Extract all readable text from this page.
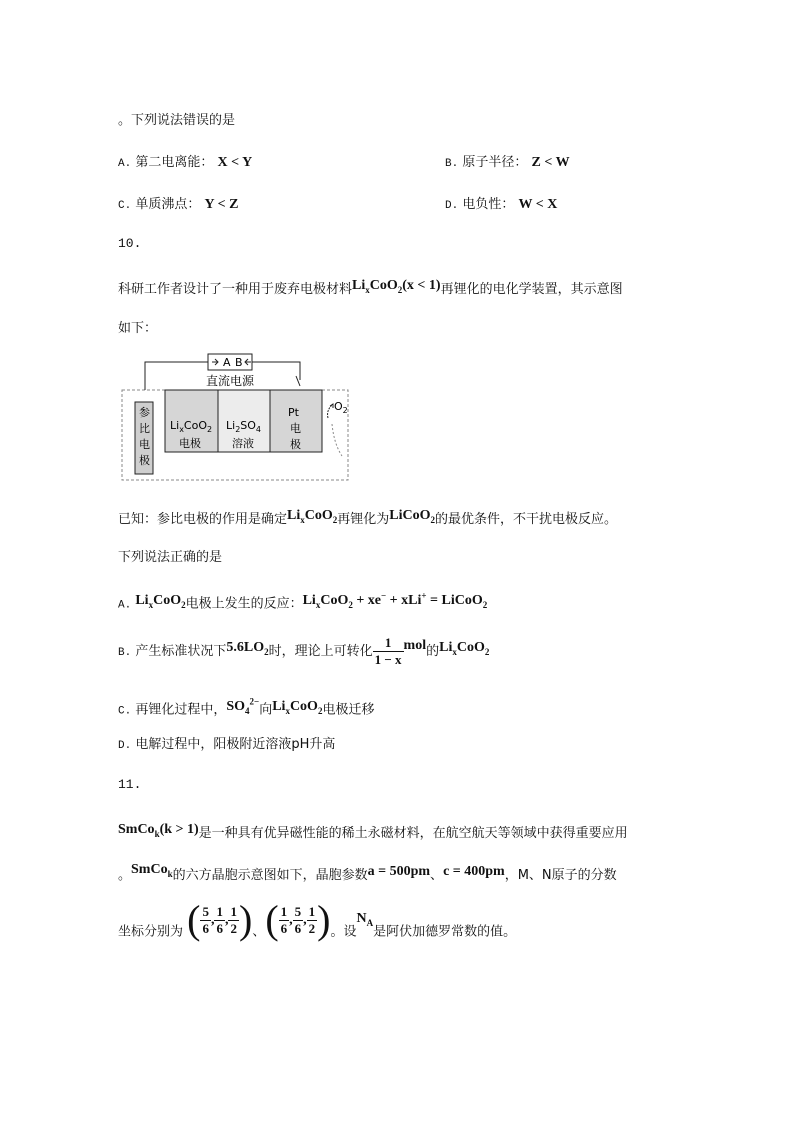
。下列说法错误的是
A. 第二电离能： X < Y	B. 原子半径： Z < W
C. 单质沸点： Y < Z	D. 电负性： W < X
10.
科研工作者设计了一种用于废弃电极材料$Li_xCoO_2(x < 1)$再锂化的电化学装置，其示意图
如下：
A B
直流电源
参
比
电
极
$Li_xCoO_2$
电极
$Li_2SO_4$
溶液
Pt
电
极
$O_2$
已知：参比电极的作用是确定$Li_xCoO_2$再锂化为LiCoO$_2$的最优条件，不干扰电极反应。
下列说法正确的是
A. $Li_xCoO_2$电极上发生的反应：$Li_xCoO_2 + xe^- + xLi^+$ = LiCoO$_2$
B. 产生标准状况下$5.6LO_2$时，理论上可转化 $\frac{1}{1 - x}$ mol的$Li_xCoO_2$
C. 再锂化过程中，$SO_4^{2-}$向$Li_xCoO_2$电极迁移
D. 电解过程中，阳极附近溶液pH升高
11.
SmCo$_k$(k > 1)是一种具有优异磁性能的稀土永磁材料，在航空航天等领域中获得重要应用
。SmCo$_k$的六方晶胞示意图如下，晶胞参数a = 500pm、c = 400pm，M、N原子的分数
坐标分别为 ( $\frac{5}{6}$ , $\frac{1}{6}$ , $\frac{1}{2}$ )、( $\frac{1}{6}$ , $\frac{5}{6}$ , $\frac{1}{2}$ )。设$N_A$是阿伏加德罗常数的值。
